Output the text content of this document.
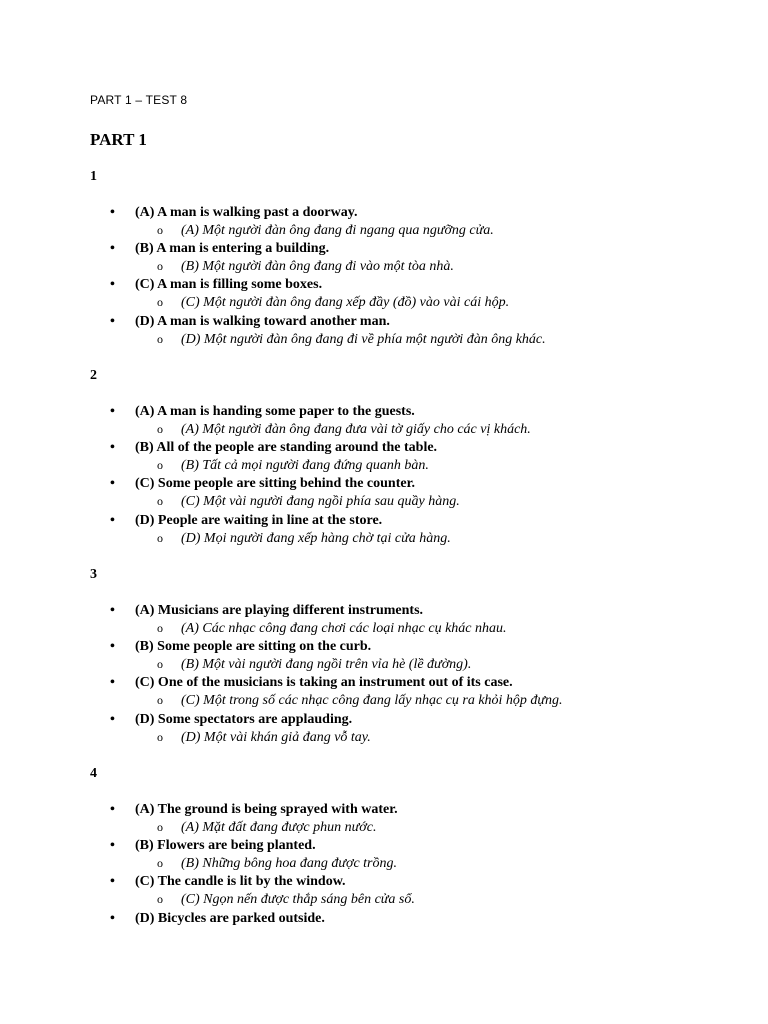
PART 1 – TEST 8
PART 1
1
• (A) A man is walking past a doorway.
o (A) Một người đàn ông đang đi ngang qua ngưỡng cửa.
• (B) A man is entering a building.
o (B) Một người đàn ông đang đi vào một tòa nhà.
• (C) A man is filling some boxes.
o (C) Một người đàn ông đang xếp đầy (đồ) vào vài cái hộp.
• (D) A man is walking toward another man.
o (D) Một người đàn ông đang đi về phía một người đàn ông khác.
2
• (A) A man is handing some paper to the guests.
o (A) Một người đàn ông đang đưa vài tờ giấy cho các vị khách.
• (B) All of the people are standing around the table.
o (B) Tất cả mọi người đang đứng quanh bàn.
• (C) Some people are sitting behind the counter.
o (C) Một vài người đang ngồi phía sau quầy hàng.
• (D) People are waiting in line at the store.
o (D) Mọi người đang xếp hàng chờ tại cửa hàng.
3
• (A) Musicians are playing different instruments.
o (A) Các nhạc công đang chơi các loại nhạc cụ khác nhau.
• (B) Some people are sitting on the curb.
o (B) Một vài người đang ngồi trên vỉa hè (lề đường).
• (C) One of the musicians is taking an instrument out of its case.
o (C) Một trong số các nhạc công đang lấy nhạc cụ ra khỏi hộp đựng.
• (D) Some spectators are applauding.
o (D) Một vài khán giả đang vỗ tay.
4
• (A) The ground is being sprayed with water.
o (A) Mặt đất đang được phun nước.
• (B) Flowers are being planted.
o (B) Những bông hoa đang được trồng.
• (C) The candle is lit by the window.
o (C) Ngọn nến được thắp sáng bên cửa sổ.
• (D) Bicycles are parked outside.
